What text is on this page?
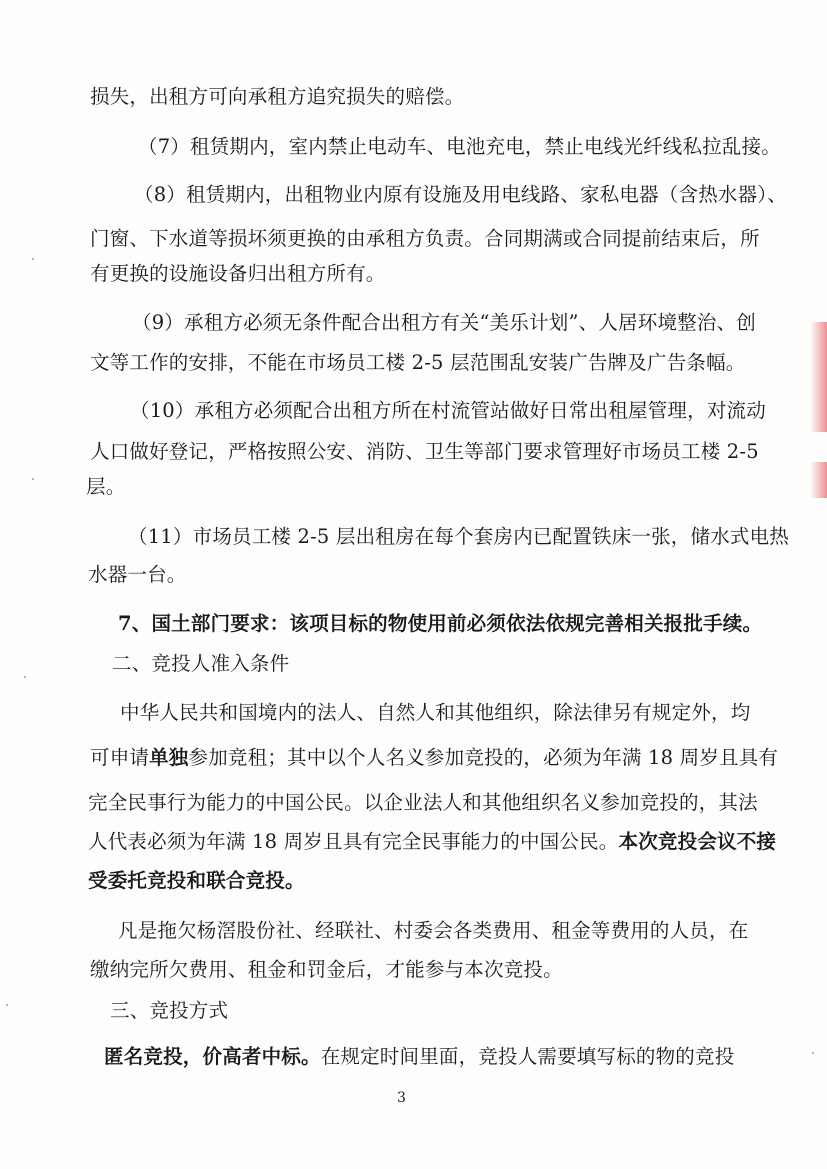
损失，出租方可向承租方追究损失的赔偿。
（7）租赁期内，室内禁止电动车、电池充电，禁止电线光纤线私拉乱接。
（8）租赁期内，出租物业内原有设施及用电线路、家私电器（含热水器）、
门窗、下水道等损坏须更换的由承租方负责。合同期满或合同提前结束后，所
有更换的设施设备归出租方所有。
（9）承租方必须无条件配合出租方有关“美乐计划”、人居环境整治、创
文等工作的安排，不能在市场员工楼 2-5 层范围乱安装广告牌及广告条幅。
（10）承租方必须配合出租方所在村流管站做好日常出租屋管理，对流动
人口做好登记，严格按照公安、消防、卫生等部门要求管理好市场员工楼 2-5
层。
（11）市场员工楼 2-5 层出租房在每个套房内已配置铁床一张，储水式电热
水器一台。
7、国土部门要求：该项目标的物使用前必须依法依规完善相关报批手续。
二、竞投人准入条件
中华人民共和国境内的法人、自然人和其他组织，除法律另有规定外，均
可申请单独参加竞租；其中以个人名义参加竞投的，必须为年满 18 周岁且具有
完全民事行为能力的中国公民。以企业法人和其他组织名义参加竞投的，其法
人代表必须为年满 18 周岁且具有完全民事能力的中国公民。本次竞投会议不接
受委托竞投和联合竞投。
凡是拖欠杨滘股份社、经联社、村委会各类费用、租金等费用的人员，在
缴纳完所欠费用、租金和罚金后，才能参与本次竞投。
三、竞投方式
匿名竞投，价高者中标。在规定时间里面，竞投人需要填写标的物的竞投
3
